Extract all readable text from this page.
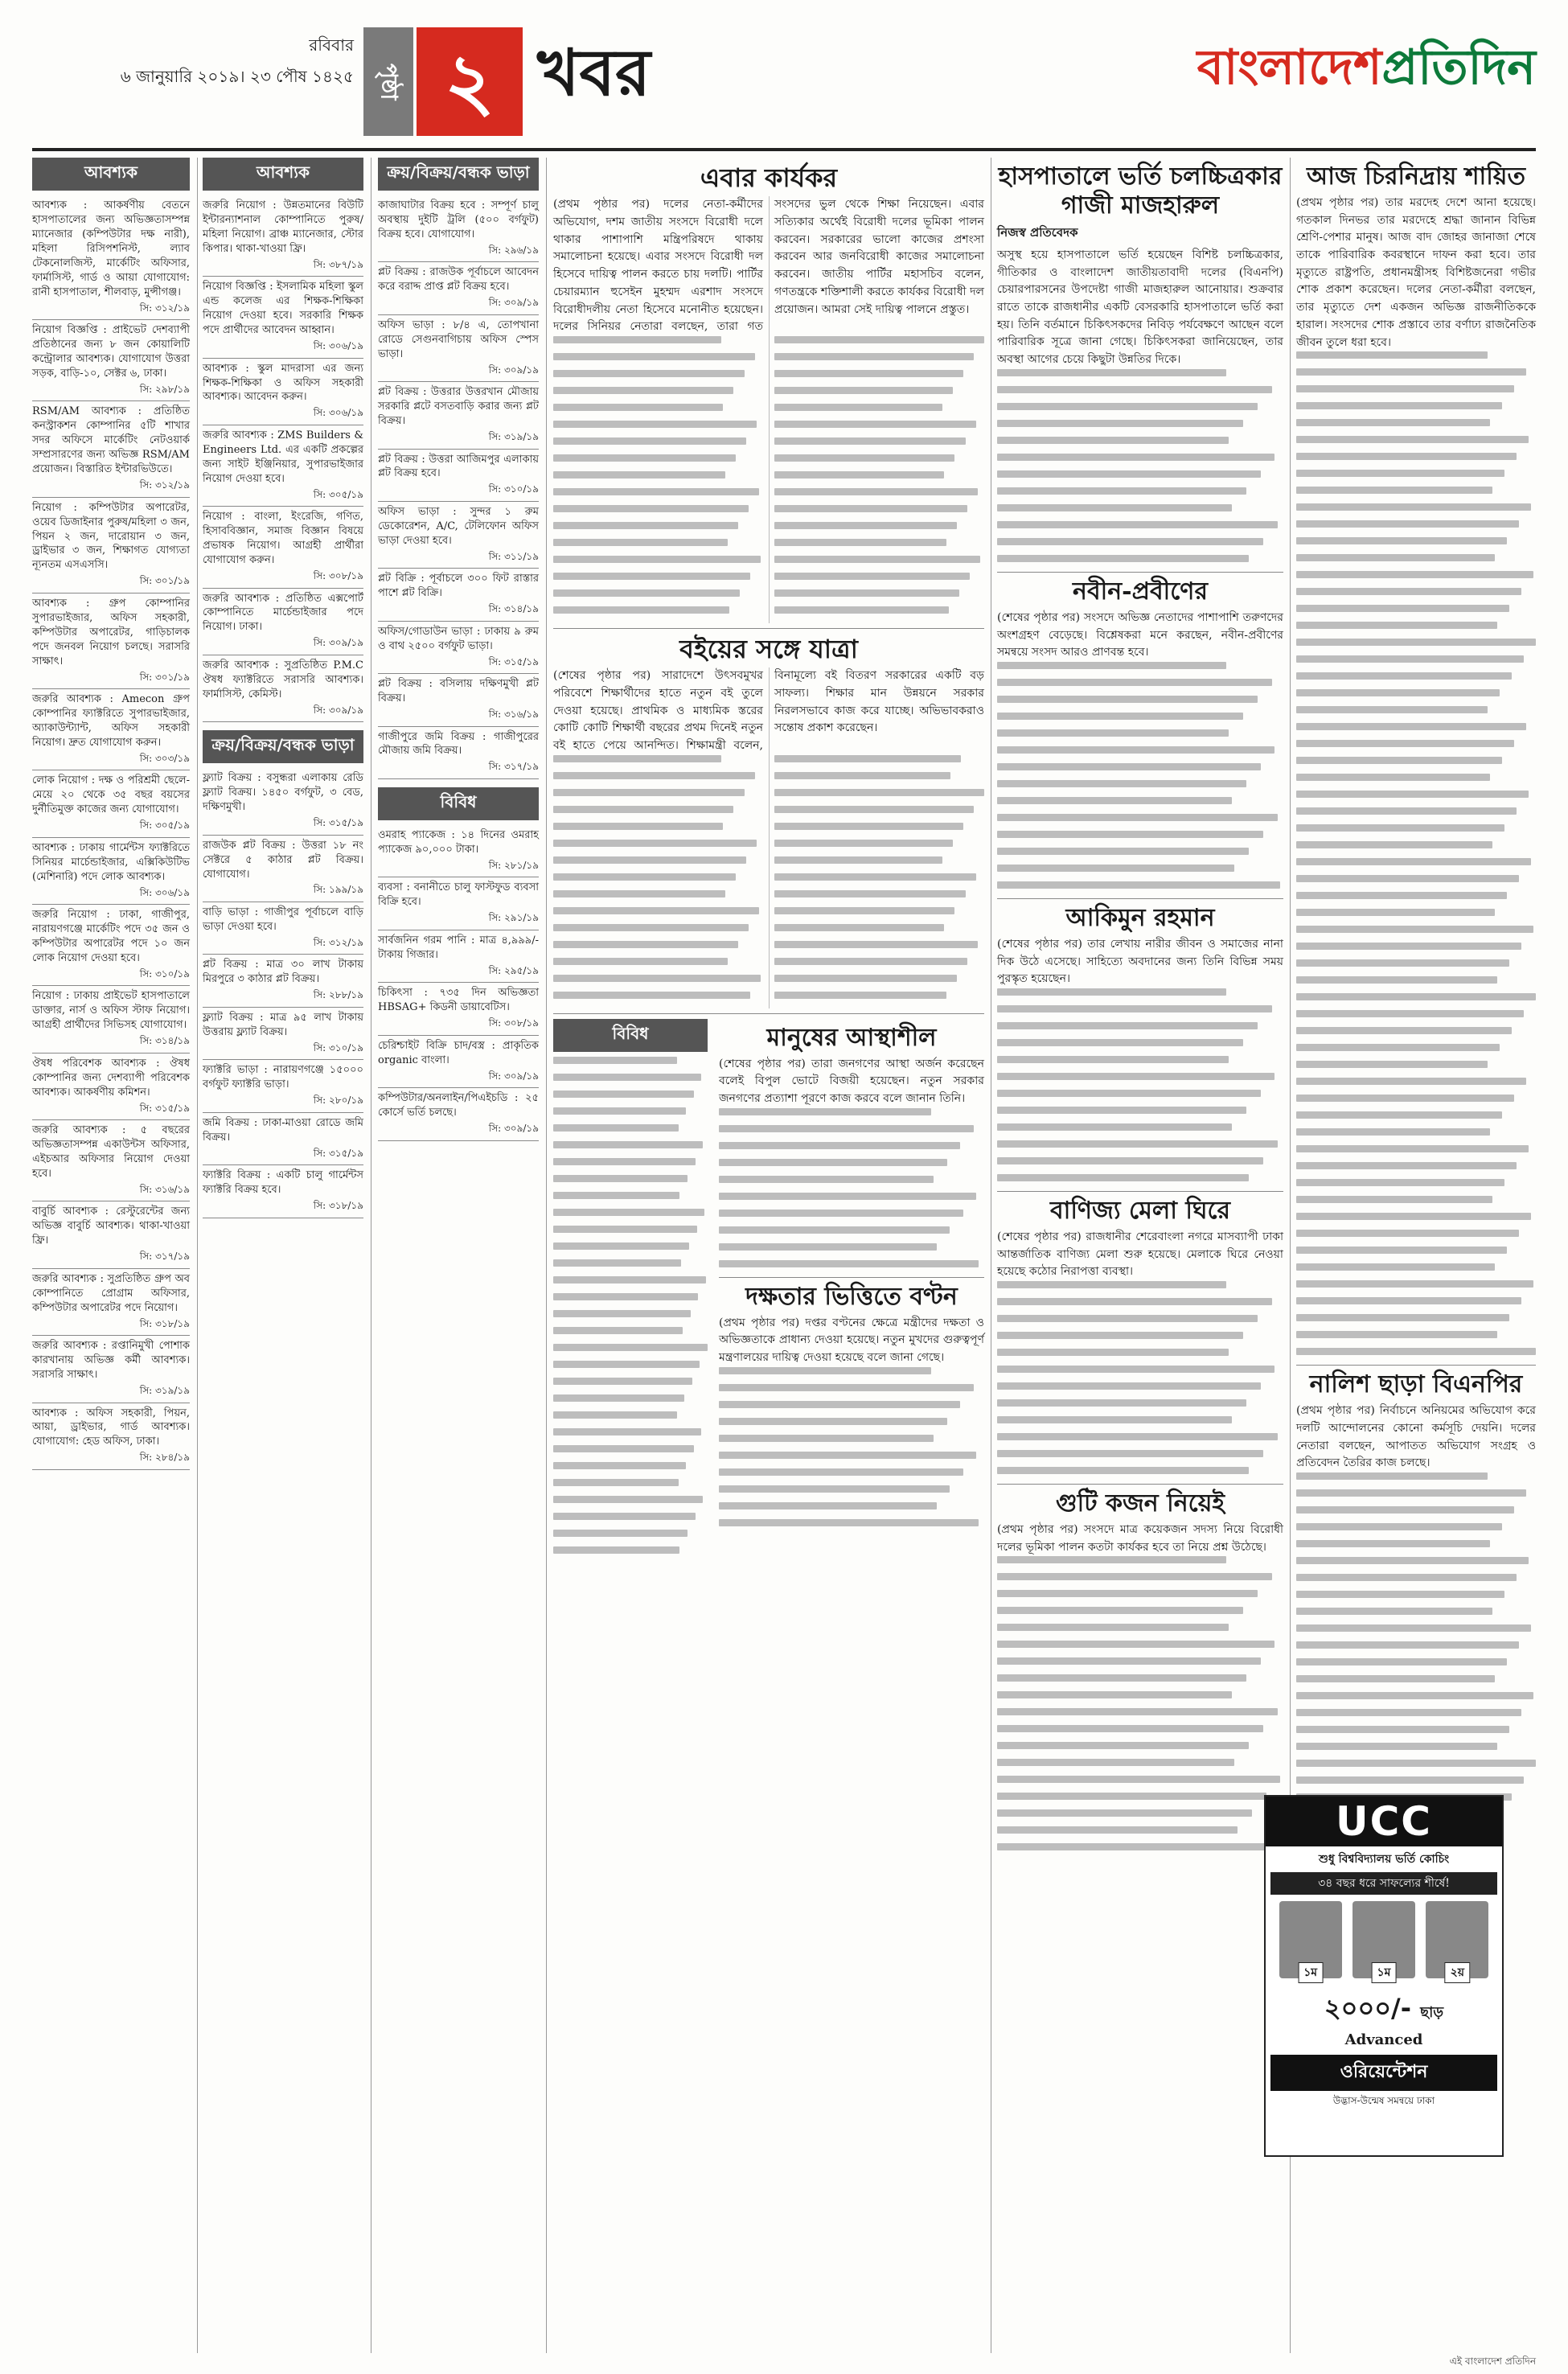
রবিবার
৬ জানুয়ারি ২০১৯। ২৩ পৌষ ১৪২৫ পৃষ্ঠা ২ খবর	বাংলাদেশপ্রতিদিন
আবশ্যক
আবশ্যক : আকর্ষণীয় বেতনে হাসপাতালের জন্য অভিজ্ঞতাসম্পন্ন ম্যানেজার (কম্পিউটার দক্ষ নারী), মহিলা রিসিপশনিস্ট, ল্যাব টেকনোলজিস্ট, মার্কেটিং অফিসার, ফার্মাসিস্ট, গার্ড ও আয়া যোগাযোগ: রানী হাসপাতাল, শীলবাড়, মুন্সীগঞ্জ।
সি: ৩১২/১৯
নিয়োগ বিজ্ঞপ্তি : প্রাইভেট দেশব্যাপী প্রতিষ্ঠানের জন্য ৮ জন কোয়ালিটি কন্ট্রোলার আবশ্যক। যোগাযোগ উত্তরা সড়ক, বাড়ি-১০, সেক্টর ৬, ঢাকা।
সি: ২৯৮/১৯
RSM/AM আবশ্যক : প্রতিষ্ঠিত কনস্ট্রাকশন কোম্পানির ৫টি শাখার সদর অফিসে মার্কেটিং নেটওয়ার্ক সম্প্রসারণের জন্য অভিজ্ঞ RSM/AM প্রয়োজন। বিস্তারিত ইন্টারভিউতে।
সি: ৩১২/১৯
নিয়োগ : কম্পিউটার অপারেটর, ওয়েব ডিজাইনার পুরুষ/মহিলা ৩ জন, পিয়ন ২ জন, দারোয়ান ৩ জন, ড্রাইভার ৩ জন, শিক্ষাগত যোগ্যতা ন্যূনতম এসএসসি।
সি: ৩০১/১৯
আবশ্যক : গ্রুপ কোম্পানির সুপারভাইজার, অফিস সহকারী, কম্পিউটার অপারেটর, গাড়িচালক পদে জনবল নিয়োগ চলছে। সরাসরি সাক্ষাৎ।
সি: ৩০১/১৯
জরুরি আবশ্যক : Amecon গ্রুপ কোম্পানির ফ্যাক্টরিতে সুপারভাইজার, অ্যাকাউন্ট্যান্ট, অফিস সহকারী নিয়োগ। দ্রুত যোগাযোগ করুন।
সি: ৩০৩/১৯
লোক নিয়োগ : দক্ষ ও পরিশ্রমী ছেলে-মেয়ে ২০ থেকে ৩৫ বছর বয়সের দুর্নীতিমুক্ত কাজের জন্য যোগাযোগ।
সি: ৩০৫/১৯
আবশ্যক : ঢাকায় গার্মেন্টস ফ্যাক্টরিতে সিনিয়র মার্চেন্ডাইজার, এক্সিকিউটিভ (মেশিনারি) পদে লোক আবশ্যক।
সি: ৩০৬/১৯
জরুরি নিয়োগ : ঢাকা, গাজীপুর, নারায়ণগঞ্জে মার্কেটিং পদে ৩৫ জন ও কম্পিউটার অপারেটর পদে ১০ জন লোক নিয়োগ দেওয়া হবে।
সি: ৩১০/১৯
নিয়োগ : ঢাকায় প্রাইভেট হাসপাতালে ডাক্তার, নার্স ও অফিস স্টাফ নিয়োগ। আগ্রহী প্রার্থীদের সিভিসহ যোগাযোগ।
সি: ৩১৪/১৯
ঔষধ পরিবেশক আবশ্যক : ঔষধ কোম্পানির জন্য দেশব্যাপী পরিবেশক আবশ্যক। আকর্ষণীয় কমিশন।
সি: ৩১৫/১৯
জরুরি আবশ্যক : ৫ বছরের অভিজ্ঞতাসম্পন্ন একাউন্টস অফিসার, এইচআর অফিসার নিয়োগ দেওয়া হবে।
সি: ৩১৬/১৯
বাবুর্চি আবশ্যক : রেস্টুরেন্টের জন্য অভিজ্ঞ বাবুর্চি আবশ্যক। থাকা-খাওয়া ফ্রি।
সি: ৩১৭/১৯
জরুরি আবশ্যক : সুপ্রতিষ্ঠিত গ্রুপ অব কোম্পানিতে প্রোগ্রাম অফিসার, কম্পিউটার অপারেটর পদে নিয়োগ।
সি: ৩১৮/১৯
জরুরি আবশ্যক : রপ্তানিমুখী পোশাক কারখানায় অভিজ্ঞ কর্মী আবশ্যক। সরাসরি সাক্ষাৎ।
সি: ৩১৯/১৯
আবশ্যক : অফিস সহকারী, পিয়ন, আয়া, ড্রাইভার, গার্ড আবশ্যক। যোগাযোগ: হেড অফিস, ঢাকা।
সি: ২৮৪/১৯
আবশ্যক
জরুরি নিয়োগ : উন্নতমানের বিউটি ইন্টারন্যাশনাল কোম্পানিতে পুরুষ/মহিলা নিয়োগ। ব্রাঞ্চ ম্যানেজার, স্টোর কিপার। থাকা-খাওয়া ফ্রি।
সি: ৩৮৭/১৯
নিয়োগ বিজ্ঞপ্তি : ইসলামিক মহিলা স্কুল এন্ড কলেজ এর শিক্ষক-শিক্ষিকা নিয়োগ দেওয়া হবে। সরকারি শিক্ষক পদে প্রার্থীদের আবেদন আহ্বান।
সি: ৩০৬/১৯
আবশ্যক : স্কুল মাদরাসা এর জন্য শিক্ষক-শিক্ষিকা ও অফিস সহকারী আবশ্যক। আবেদন করুন।
সি: ৩০৬/১৯
জরুরি আবশ্যক : ZMS Builders & Engineers Ltd. এর একটি প্রকল্পের জন্য সাইট ইঞ্জিনিয়ার, সুপারভাইজার নিয়োগ দেওয়া হবে।
সি: ৩০৫/১৯
নিয়োগ : বাংলা, ইংরেজি, গণিত, হিসাববিজ্ঞান, সমাজ বিজ্ঞান বিষয়ে প্রভাষক নিয়োগ। আগ্রহী প্রার্থীরা যোগাযোগ করুন।
সি: ৩০৮/১৯
জরুরি আবশ্যক : প্রতিষ্ঠিত এক্সপোর্ট কোম্পানিতে মার্চেন্ডাইজার পদে নিয়োগ। ঢাকা।
সি: ৩০৯/১৯
জরুরি আবশ্যক : সুপ্রতিষ্ঠিত P.M.C ঔষধ ফ্যাক্টরিতে সরাসরি আবশ্যক। ফার্মাসিস্ট, কেমিস্ট।
সি: ৩০৯/১৯
ক্রয়/বিক্রয়/বন্ধক ভাড়া
ফ্ল্যাট বিক্রয় : বসুন্ধরা এলাকায় রেডি ফ্ল্যাট বিক্রয়। ১৪৫০ বর্গফুট, ৩ বেড, দক্ষিণমুখী।
সি: ৩১৫/১৯
রাজউক প্লট বিক্রয় : উত্তরা ১৮ নং সেক্টরে ৫ কাঠার প্লট বিক্রয়। যোগাযোগ।
সি: ১৯৯/১৯
বাড়ি ভাড়া : গাজীপুর পূর্বাচলে বাড়ি ভাড়া দেওয়া হবে।
সি: ৩১২/১৯
প্লট বিক্রয় : মাত্র ৩০ লাখ টাকায় মিরপুরে ৩ কাঠার প্লট বিক্রয়।
সি: ২৮৮/১৯
ফ্ল্যাট বিক্রয় : মাত্র ৯৫ লাখ টাকায় উত্তরায় ফ্ল্যাট বিক্রয়।
সি: ৩১০/১৯
ফ্যাক্টরি ভাড়া : নারায়ণগঞ্জে ১৫০০০ বর্গফুট ফ্যাক্টরি ভাড়া।
সি: ২৮০/১৯
জমি বিক্রয় : ঢাকা-মাওয়া রোডে জমি বিক্রয়।
সি: ৩১৫/১৯
ফ্যাক্টরি বিক্রয় : একটি চালু গার্মেন্টস ফ্যাক্টরি বিক্রয় হবে।
সি: ৩১৮/১৯
ক্রয়/বিক্রয়/বন্ধক ভাড়া
কাজাঘাটার বিক্রয় হবে : সম্পূর্ণ চালু অবস্থায় দুইটি ট্রলি (৫০০ বর্গফুট) বিক্রয় হবে। যোগাযোগ।
সি: ২৯৬/১৯
প্লট বিক্রয় : রাজউক পূর্বাচলে আবেদন করে বরাদ্দ প্রাপ্ত প্লট বিক্রয় হবে।
সি: ৩০৯/১৯
অফিস ভাড়া : ৮/৪ এ, তোপখানা রোডে সেগুনবাগিচায় অফিস স্পেস ভাড়া।
সি: ৩০৯/১৯
প্লট বিক্রয় : উত্তরার উত্তরখান মৌজায় সরকারি প্লটে বসতবাড়ি করার জন্য প্লট বিক্রয়।
সি: ৩১৯/১৯
প্লট বিক্রয় : উত্তরা আজিমপুর এলাকায় প্লট বিক্রয় হবে।
সি: ৩১০/১৯
অফিস ভাড়া : সুন্দর ১ রুম ডেকোরেশন, A/C, টেলিফোন অফিস ভাড়া দেওয়া হবে।
সি: ৩১১/১৯
প্লট বিক্রি : পূর্বাচলে ৩০০ ফিট রাস্তার পাশে প্লট বিক্রি।
সি: ৩১৪/১৯
অফিস/গোডাউন ভাড়া : ঢাকায় ৯ রুম ও বাথ ২৫০০ বর্গফুট ভাড়া।
সি: ৩১৫/১৯
প্লট বিক্রয় : বসিলায় দক্ষিণমুখী প্লট বিক্রয়।
সি: ৩১৬/১৯
গাজীপুরে জমি বিক্রয় : গাজীপুরের মৌজায় জমি বিক্রয়।
সি: ৩১৭/১৯
বিবিধ
ওমরাহ প্যাকেজ : ১৪ দিনের ওমরাহ প্যাকেজ ৯০,০০০ টাকা।
সি: ২৮১/১৯
ব্যবসা : বনানীতে চালু ফাস্টফুড ব্যবসা বিক্রি হবে।
সি: ২৯১/১৯
সার্বজনিন গরম পানি : মাত্র ৪,৯৯৯/- টাকায় গিজার।
সি: ২৯৫/১৯
চিকিৎসা : ৭৩৫ দিন অভিজ্ঞতা HBSAG+ কিডনী ডায়াবেটিস।
সি: ৩০৮/১৯
চেরিশ্চাইট বিক্রি চাদ/বস্ত্র : প্রাকৃতিক organic বাংলা।
সি: ৩০৯/১৯
কম্পিউটার/অনলাইন/পিএইচডি : ২৫ কোর্সে ভর্তি চলছে।
সি: ৩০৯/১৯
এবার কার্যকর
(প্রথম পৃষ্ঠার পর) দলের নেতা-কর্মীদের অভিযোগ, দশম জাতীয় সংসদে বিরোধী দলে থাকার পাশাপাশি মন্ত্রিপরিষদে থাকায় সমালোচনা হয়েছে। এবার সংসদে বিরোধী দল হিসেবে দায়িত্ব পালন করতে চায় দলটি। পার্টির চেয়ারম্যান হুসেইন মুহম্মদ এরশাদ সংসদে বিরোধীদলীয় নেতা হিসেবে মনোনীত হয়েছেন। দলের সিনিয়র নেতারা বলছেন, তারা গত সংসদের ভুল থেকে শিক্ষা নিয়েছেন। এবার সত্যিকার অর্থেই বিরোধী দলের ভূমিকা পালন করবেন। সরকারের ভালো কাজের প্রশংসা করবেন আর জনবিরোধী কাজের সমালোচনা করবেন। জাতীয় পার্টির মহাসচিব বলেন, গণতন্ত্রকে শক্তিশালী করতে কার্যকর বিরোধী দল প্রয়োজন। আমরা সেই দায়িত্ব পালনে প্রস্তুত।
বইয়ের সঙ্গে যাত্রা
(শেষের পৃষ্ঠার পর) সারাদেশে উৎসবমুখর পরিবেশে শিক্ষার্থীদের হাতে নতুন বই তুলে দেওয়া হয়েছে। প্রাথমিক ও মাধ্যমিক স্তরের কোটি কোটি শিক্ষার্থী বছরের প্রথম দিনেই নতুন বই হাতে পেয়ে আনন্দিত। শিক্ষামন্ত্রী বলেন, বিনামূল্যে বই বিতরণ সরকারের একটি বড় সাফল্য। শিক্ষার মান উন্নয়নে সরকার নিরলসভাবে কাজ করে যাচ্ছে। অভিভাবকরাও সন্তোষ প্রকাশ করেছেন।
বিবিধ	মানুষের আস্থাশীল
(শেষের পৃষ্ঠার পর) তারা জনগণের আস্থা অর্জন করেছেন বলেই বিপুল ভোটে বিজয়ী হয়েছেন। নতুন সরকার জনগণের প্রত্যাশা পূরণে কাজ করবে বলে জানান তিনি।
দক্ষতার ভিত্তিতে বণ্টন
(প্রথম পৃষ্ঠার পর) দপ্তর বণ্টনের ক্ষেত্রে মন্ত্রীদের দক্ষতা ও অভিজ্ঞতাকে প্রাধান্য দেওয়া হয়েছে। নতুন মুখদের গুরুত্বপূর্ণ মন্ত্রণালয়ের দায়িত্ব দেওয়া হয়েছে বলে জানা গেছে।
হাসপাতালে ভর্তি চলচ্চিত্রকার গাজী মাজহারুল
নিজস্ব প্রতিবেদক
অসুস্থ হয়ে হাসপাতালে ভর্তি হয়েছেন বিশিষ্ট চলচ্চিত্রকার, গীতিকার ও বাংলাদেশ জাতীয়তাবাদী দলের (বিএনপি) চেয়ারপারসনের উপদেষ্টা গাজী মাজহারুল আনোয়ার। শুক্রবার রাতে তাকে রাজধানীর একটি বেসরকারি হাসপাতালে ভর্তি করা হয়। তিনি বর্তমানে চিকিৎসকদের নিবিড় পর্যবেক্ষণে আছেন বলে পারিবারিক সূত্রে জানা গেছে। চিকিৎসকরা জানিয়েছেন, তার অবস্থা আগের চেয়ে কিছুটা উন্নতির দিকে।
নবীন-প্রবীণের
(শেষের পৃষ্ঠার পর) সংসদে অভিজ্ঞ নেতাদের পাশাপাশি তরুণদের অংশগ্রহণ বেড়েছে। বিশ্লেষকরা মনে করছেন, নবীন-প্রবীণের সমন্বয়ে সংসদ আরও প্রাণবন্ত হবে।
আকিমুন রহমান
(শেষের পৃষ্ঠার পর) তার লেখায় নারীর জীবন ও সমাজের নানা দিক উঠে এসেছে। সাহিত্যে অবদানের জন্য তিনি বিভিন্ন সময় পুরস্কৃত হয়েছেন।
বাণিজ্য মেলা ঘিরে
(শেষের পৃষ্ঠার পর) রাজধানীর শেরেবাংলা নগরে মাসব্যাপী ঢাকা আন্তর্জাতিক বাণিজ্য মেলা শুরু হয়েছে। মেলাকে ঘিরে নেওয়া হয়েছে কঠোর নিরাপত্তা ব্যবস্থা।
গুটি কজন নিয়েই
(প্রথম পৃষ্ঠার পর) সংসদে মাত্র কয়েকজন সদস্য নিয়ে বিরোধী দলের ভূমিকা পালন কতটা কার্যকর হবে তা নিয়ে প্রশ্ন উঠেছে।
আজ চিরনিদ্রায় শায়িত
(প্রথম পৃষ্ঠার পর) তার মরদেহ দেশে আনা হয়েছে। গতকাল দিনভর তার মরদেহে শ্রদ্ধা জানান বিভিন্ন শ্রেণি-পেশার মানুষ। আজ বাদ জোহর জানাজা শেষে তাকে পারিবারিক কবরস্থানে দাফন করা হবে। তার মৃত্যুতে রাষ্ট্রপতি, প্রধানমন্ত্রীসহ বিশিষ্টজনেরা গভীর শোক প্রকাশ করেছেন। দলের নেতা-কর্মীরা বলছেন, তার মৃত্যুতে দেশ একজন অভিজ্ঞ রাজনীতিককে হারাল। সংসদের শোক প্রস্তাবে তার বর্ণাঢ্য রাজনৈতিক জীবন তুলে ধরা হবে।
নালিশ ছাড়া বিএনপির
(প্রথম পৃষ্ঠার পর) নির্বাচনে অনিয়মের অভিযোগ করে দলটি আন্দোলনের কোনো কর্মসূচি দেয়নি। দলের নেতারা বলছেন, আপাতত অভিযোগ সংগ্রহ ও প্রতিবেদন তৈরির কাজ চলছে।
UCC
শুধু বিশ্ববিদ্যালয় ভর্তি কোচিং
৩৪ বছর ধরে সাফল্যের শীর্ষে!
১ম	১ম	২য়
২০০০/- ছাড়
Advanced
ওরিয়েন্টেশন
উদ্ভাস-উন্মেষ সমন্বয়ে ঢাকা
এই বাংলাদেশ প্রতিদিন
